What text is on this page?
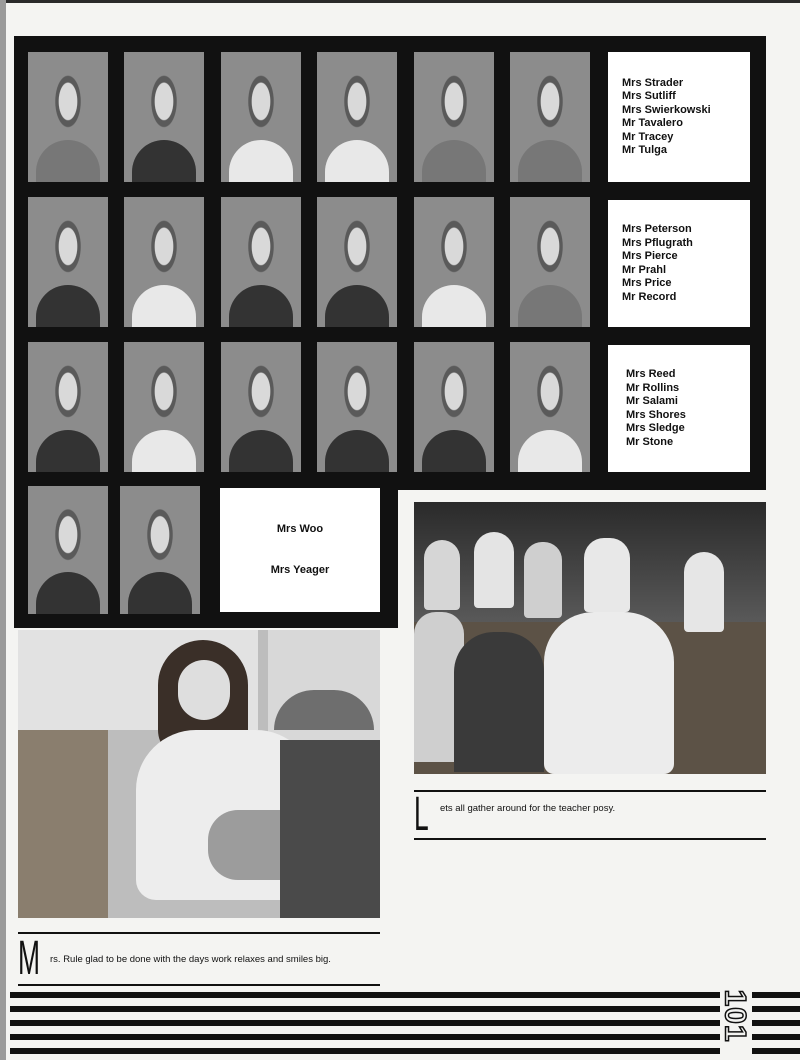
Mrs Strader
Mrs Sutliff
Mrs Swierkowski
Mr Tavalero
Mr Tracey
Mr Tulga
Mrs Peterson
Mrs Pflugrath
Mrs Pierce
Mr Prahl
Mrs Price
Mr Record
Mrs Reed
Mr Rollins
Mr Salami
Mrs Shores
Mrs Sledge
Mr Stone
Mrs Woo
Mrs Yeager
L ets all gather around for the teacher posy.
M rs. Rule glad to be done with the days work relaxes and smiles big.
101
